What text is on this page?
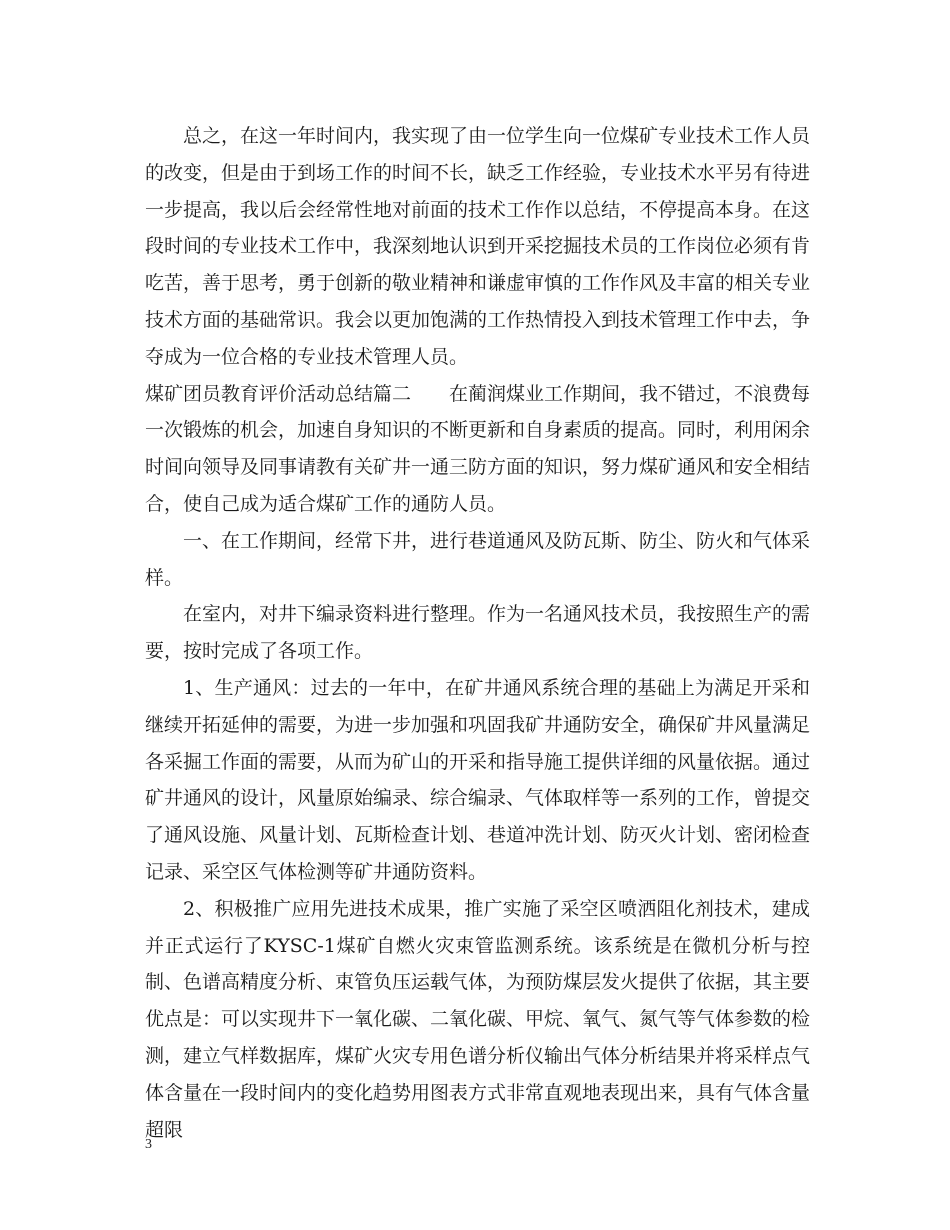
总之，在这一年时间内，我实现了由一位学生向一位煤矿专业技术工作人员的改变，但是由于到场工作的时间不长，缺乏工作经验，专业技术水平另有待进一步提高，我以后会经常性地对前面的技术工作作以总结，不停提高本身。在这段时间的专业技术工作中，我深刻地认识到开采挖掘技术员的工作岗位必须有肯吃苦，善于思考，勇于创新的敬业精神和谦虚审慎的工作作风及丰富的相关专业技术方面的基础常识。我会以更加饱满的工作热情投入到技术管理工作中去，争夺成为一位合格的专业技术管理人员。

煤矿团员教育评价活动总结篇二　　在蔺润煤业工作期间，我不错过，不浪费每一次锻炼的机会，加速自身知识的不断更新和自身素质的提高。同时，利用闲余时间向领导及同事请教有关矿井一通三防方面的知识，努力煤矿通风和安全相结合，使自己成为适合煤矿工作的通防人员。

一、在工作期间，经常下井，进行巷道通风及防瓦斯、防尘、防火和气体采样。

在室内，对井下编录资料进行整理。作为一名通风技术员，我按照生产的需要，按时完成了各项工作。

1、生产通风：过去的一年中，在矿井通风系统合理的基础上为满足开采和继续开拓延伸的需要，为进一步加强和巩固我矿井通防安全，确保矿井风量满足各采掘工作面的需要，从而为矿山的开采和指导施工提供详细的风量依据。通过矿井通风的设计，风量原始编录、综合编录、气体取样等一系列的工作，曾提交了通风设施、风量计划、瓦斯检查计划、巷道冲洗计划、防灭火计划、密闭检查记录、采空区气体检测等矿井通防资料。

2、积极推广应用先进技术成果，推广实施了采空区喷洒阻化剂技术，建成并正式运行了KYSC-1煤矿自燃火灾束管监测系统。该系统是在微机分析与控制、色谱高精度分析、束管负压运载气体，为预防煤层发火提供了依据，其主要优点是：可以实现井下一氧化碳、二氧化碳、甲烷、氧气、氮气等气体参数的检测，建立气样数据库，煤矿火灾专用色谱分析仪输出气体分析结果并将采样点气体含量在一段时间内的变化趋势用图表方式非常直观地表现出来，具有气体含量超限

3
